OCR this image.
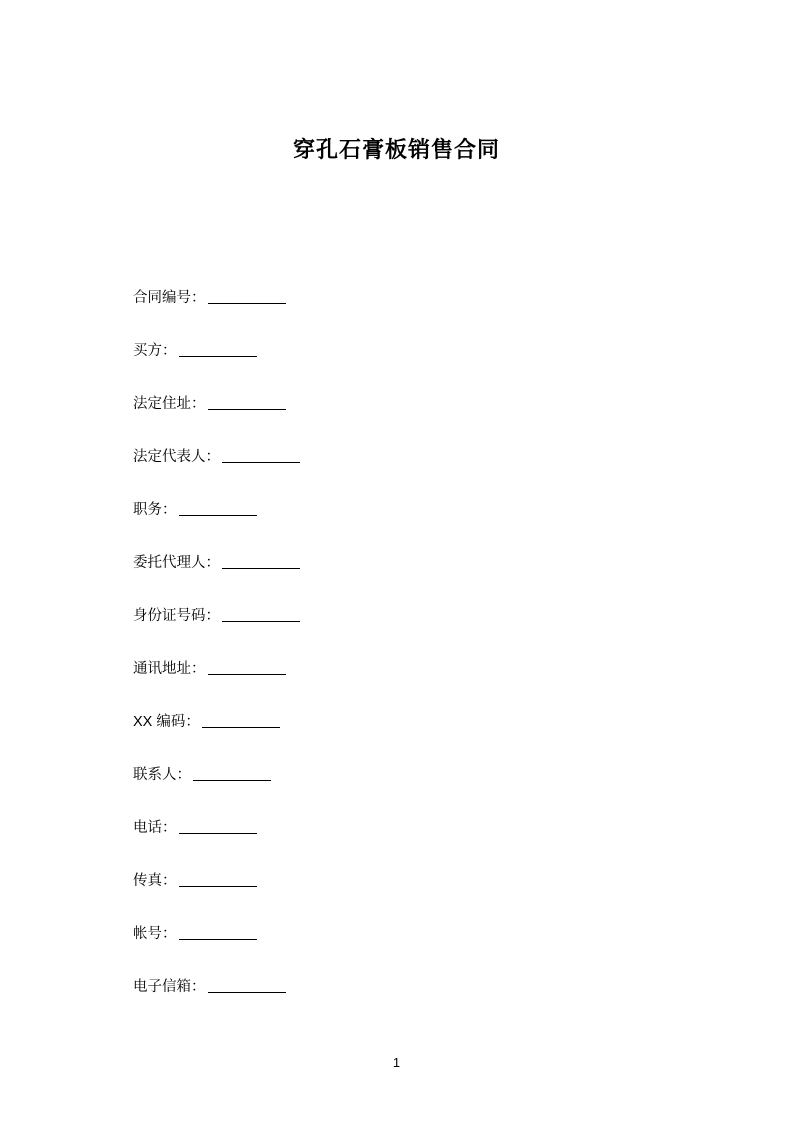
穿孔石膏板销售合同
合同编号：
买方：
法定住址：
法定代表人：
职务：
委托代理人：
身份证号码：
通讯地址：
XX 编码：
联系人：
电话：
传真：
帐号：
电子信箱：
1
